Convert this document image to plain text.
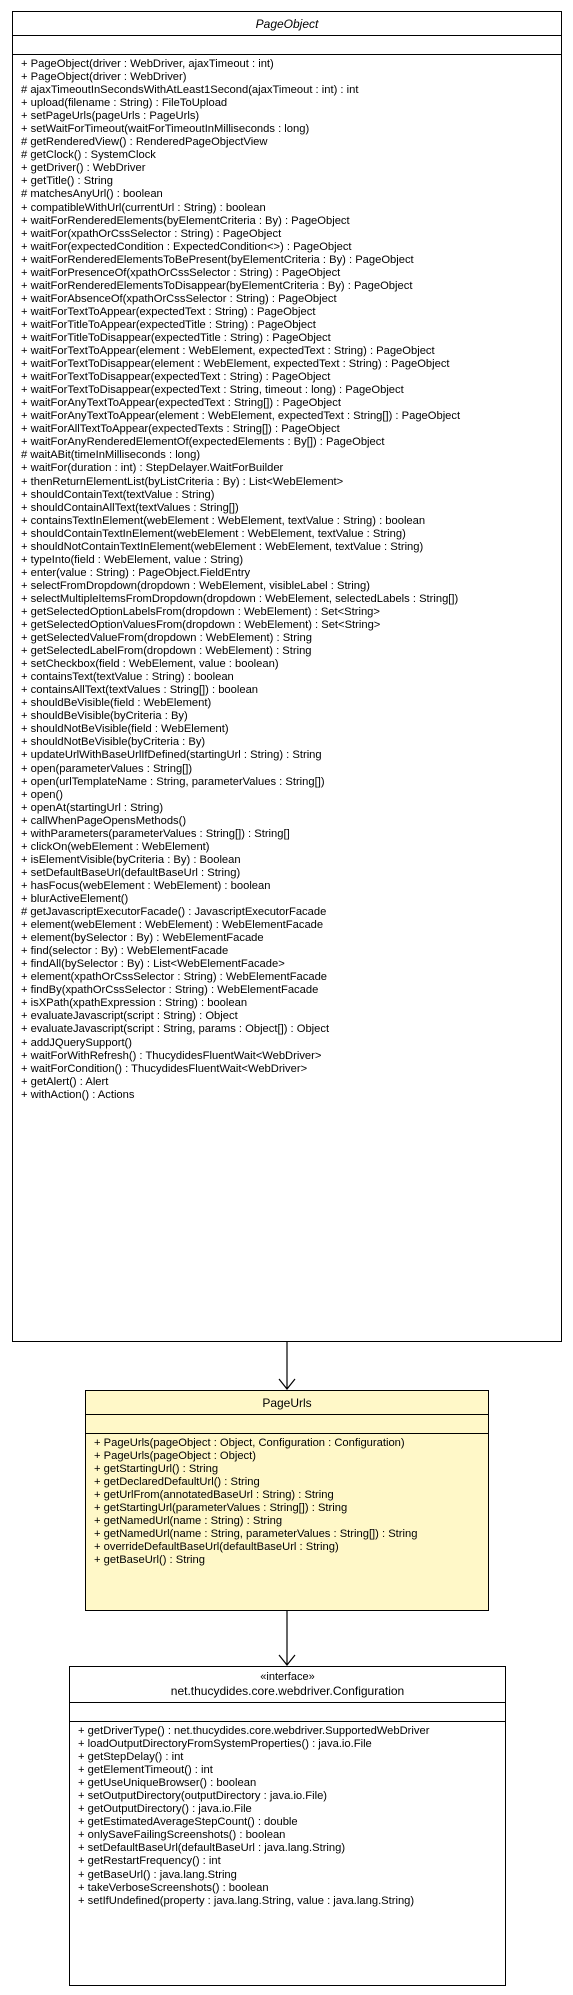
PageObject
+ PageObject(driver : WebDriver, ajaxTimeout : int)
+ PageObject(driver : WebDriver)
# ajaxTimeoutInSecondsWithAtLeast1Second(ajaxTimeout : int) : int
+ upload(filename : String) : FileToUpload
+ setPageUrls(pageUrls : PageUrls)
+ setWaitForTimeout(waitForTimeoutInMilliseconds : long)
# getRenderedView() : RenderedPageObjectView
# getClock() : SystemClock
+ getDriver() : WebDriver
+ getTitle() : String
# matchesAnyUrl() : boolean
+ compatibleWithUrl(currentUrl : String) : boolean
+ waitForRenderedElements(byElementCriteria : By) : PageObject
+ waitFor(xpathOrCssSelector : String) : PageObject
+ waitFor(expectedCondition : ExpectedCondition<>) : PageObject
+ waitForRenderedElementsToBePresent(byElementCriteria : By) : PageObject
+ waitForPresenceOf(xpathOrCssSelector : String) : PageObject
+ waitForRenderedElementsToDisappear(byElementCriteria : By) : PageObject
+ waitForAbsenceOf(xpathOrCssSelector : String) : PageObject
+ waitForTextToAppear(expectedText : String) : PageObject
+ waitForTitleToAppear(expectedTitle : String) : PageObject
+ waitForTitleToDisappear(expectedTitle : String) : PageObject
+ waitForTextToAppear(element : WebElement, expectedText : String) : PageObject
+ waitForTextToDisappear(element : WebElement, expectedText : String) : PageObject
+ waitForTextToDisappear(expectedText : String) : PageObject
+ waitForTextToDisappear(expectedText : String, timeout : long) : PageObject
+ waitForAnyTextToAppear(expectedText : String[]) : PageObject
+ waitForAnyTextToAppear(element : WebElement, expectedText : String[]) : PageObject
+ waitForAllTextToAppear(expectedTexts : String[]) : PageObject
+ waitForAnyRenderedElementOf(expectedElements : By[]) : PageObject
# waitABit(timeInMilliseconds : long)
+ waitFor(duration : int) : StepDelayer.WaitForBuilder
+ thenReturnElementList(byListCriteria : By) : List<WebElement>
+ shouldContainText(textValue : String)
+ shouldContainAllText(textValues : String[])
+ containsTextInElement(webElement : WebElement, textValue : String) : boolean
+ shouldContainTextInElement(webElement : WebElement, textValue : String)
+ shouldNotContainTextInElement(webElement : WebElement, textValue : String)
+ typeInto(field : WebElement, value : String)
+ enter(value : String) : PageObject.FieldEntry
+ selectFromDropdown(dropdown : WebElement, visibleLabel : String)
+ selectMultipleItemsFromDropdown(dropdown : WebElement, selectedLabels : String[])
+ getSelectedOptionLabelsFrom(dropdown : WebElement) : Set<String>
+ getSelectedOptionValuesFrom(dropdown : WebElement) : Set<String>
+ getSelectedValueFrom(dropdown : WebElement) : String
+ getSelectedLabelFrom(dropdown : WebElement) : String
+ setCheckbox(field : WebElement, value : boolean)
+ containsText(textValue : String) : boolean
+ containsAllText(textValues : String[]) : boolean
+ shouldBeVisible(field : WebElement)
+ shouldBeVisible(byCriteria : By)
+ shouldNotBeVisible(field : WebElement)
+ shouldNotBeVisible(byCriteria : By)
+ updateUrlWithBaseUrlIfDefined(startingUrl : String) : String
+ open(parameterValues : String[])
+ open(urlTemplateName : String, parameterValues : String[])
+ open()
+ openAt(startingUrl : String)
+ callWhenPageOpensMethods()
+ withParameters(parameterValues : String[]) : String[]
+ clickOn(webElement : WebElement)
+ isElementVisible(byCriteria : By) : Boolean
+ setDefaultBaseUrl(defaultBaseUrl : String)
+ hasFocus(webElement : WebElement) : boolean
+ blurActiveElement()
# getJavascriptExecutorFacade() : JavascriptExecutorFacade
+ element(webElement : WebElement) : WebElementFacade
+ element(bySelector : By) : WebElementFacade
+ find(selector : By) : WebElementFacade
+ findAll(bySelector : By) : List<WebElementFacade>
+ element(xpathOrCssSelector : String) : WebElementFacade
+ findBy(xpathOrCssSelector : String) : WebElementFacade
+ isXPath(xpathExpression : String) : boolean
+ evaluateJavascript(script : String) : Object
+ evaluateJavascript(script : String, params : Object[]) : Object
+ addJQuerySupport()
+ waitForWithRefresh() : ThucydidesFluentWait<WebDriver>
+ waitForCondition() : ThucydidesFluentWait<WebDriver>
+ getAlert() : Alert
+ withAction() : Actions
PageUrls
+ PageUrls(pageObject : Object, Configuration : Configuration)
+ PageUrls(pageObject : Object)
+ getStartingUrl() : String
+ getDeclaredDefaultUrl() : String
+ getUrlFrom(annotatedBaseUrl : String) : String
+ getStartingUrl(parameterValues : String[]) : String
+ getNamedUrl(name : String) : String
+ getNamedUrl(name : String, parameterValues : String[]) : String
+ overrideDefaultBaseUrl(defaultBaseUrl : String)
+ getBaseUrl() : String
«interface»
net.thucydides.core.webdriver.Configuration
+ getDriverType() : net.thucydides.core.webdriver.SupportedWebDriver
+ loadOutputDirectoryFromSystemProperties() : java.io.File
+ getStepDelay() : int
+ getElementTimeout() : int
+ getUseUniqueBrowser() : boolean
+ setOutputDirectory(outputDirectory : java.io.File)
+ getOutputDirectory() : java.io.File
+ getEstimatedAverageStepCount() : double
+ onlySaveFailingScreenshots() : boolean
+ setDefaultBaseUrl(defaultBaseUrl : java.lang.String)
+ getRestartFrequency() : int
+ getBaseUrl() : java.lang.String
+ takeVerboseScreenshots() : boolean
+ setIfUndefined(property : java.lang.String, value : java.lang.String)
